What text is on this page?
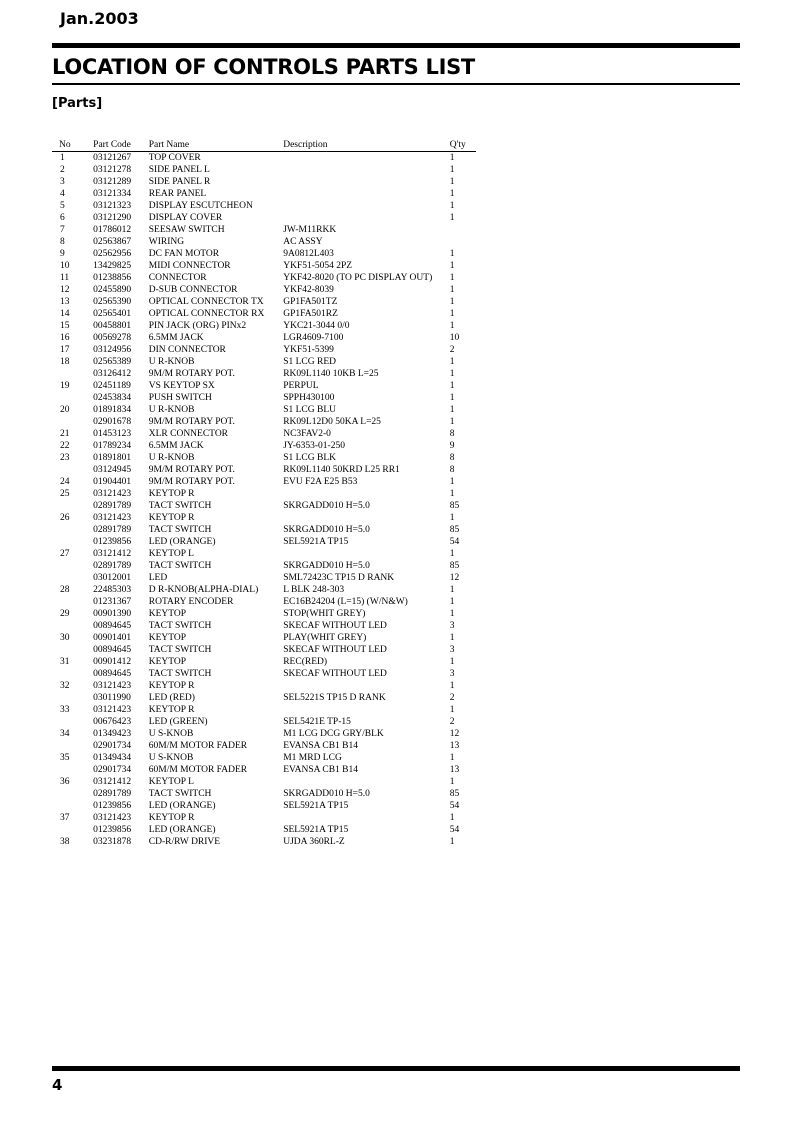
Jan.2003
LOCATION OF CONTROLS PARTS LIST
[Parts]
No	Part Code	Part Name	Description	Q'ty
1	03121267	TOP COVER		1
2	03121278	SIDE PANEL L		1
3	03121289	SIDE PANEL R		1
4	03121334	REAR PANEL		1
5	03121323	DISPLAY ESCUTCHEON		1
6	03121290	DISPLAY COVER		1
7	01786012	SEESAW SWITCH	JW-M11RKK	
8	02563867	WIRING	AC ASSY	
9	02562956	DC FAN MOTOR	9A0812L403	1
10	13429825	MIDI CONNECTOR	YKF51-5054 2PZ	1
11	01238856	CONNECTOR	YKF42-8020 (TO PC DISPLAY OUT)	1
12	02455890	D-SUB CONNECTOR	YKF42-8039	1
13	02565390	OPTICAL CONNECTOR TX	GP1FA501TZ	1
14	02565401	OPTICAL CONNECTOR RX	GP1FA501RZ	1
15	00458801	PIN JACK (ORG) PINx2	YKC21-3044 0/0	1
16	00569278	6.5MM JACK	LGR4609-7100	10
17	03124956	DIN CONNECTOR	YKF51-5399	2
18	02565389	U R-KNOB	S1 LCG RED	1
	03126412	9M/M ROTARY POT.	RK09L1140 10KB L=25	1
19	02451189	VS KEYTOP SX	PERPUL	1
	02453834	PUSH SWITCH	SPPH430100	1
20	01891834	U R-KNOB	S1 LCG BLU	1
	02901678	9M/M ROTARY POT.	RK09L12D0 50KA L=25	1
21	01453123	XLR CONNECTOR	NC3FAV2-0	8
22	01789234	6.5MM JACK	JY-6353-01-250	9
23	01891801	U R-KNOB	S1 LCG BLK	8
	03124945	9M/M ROTARY POT.	RK09L1140 50KRD L25 RR1	8
24	01904401	9M/M ROTARY POT.	EVU F2A E25 B53	1
25	03121423	KEYTOP R		1
	02891789	TACT SWITCH	SKRGADD010 H=5.0	85
26	03121423	KEYTOP R		1
	02891789	TACT SWITCH	SKRGADD010 H=5.0	85
	01239856	LED (ORANGE)	SEL5921A TP15	54
27	03121412	KEYTOP L		1
	02891789	TACT SWITCH	SKRGADD010 H=5.0	85
	03012001	LED	SML72423C TP15 D RANK	12
28	22485303	D R-KNOB(ALPHA-DIAL)	L BLK 248-303	1
	01231367	ROTARY ENCODER	EC16B24204 (L=15) (W/N&W)	1
29	00901390	KEYTOP	STOP(WHIT GREY)	1
	00894645	TACT SWITCH	SKECAF WITHOUT LED	3
30	00901401	KEYTOP	PLAY(WHIT GREY)	1
	00894645	TACT SWITCH	SKECAF WITHOUT LED	3
31	00901412	KEYTOP	REC(RED)	1
	00894645	TACT SWITCH	SKECAF WITHOUT LED	3
32	03121423	KEYTOP R		1
	03011990	LED (RED)	SEL5221S TP15 D RANK	2
33	03121423	KEYTOP R		1
	00676423	LED (GREEN)	SEL5421E TP-15	2
34	01349423	U S-KNOB	M1 LCG DCG GRY/BLK	12
	02901734	60M/M MOTOR FADER	EVANSA CB1 B14	13
35	01349434	U S-KNOB	M1 MRD LCG	1
	02901734	60M/M MOTOR FADER	EVANSA CB1 B14	13
36	03121412	KEYTOP L		1
	02891789	TACT SWITCH	SKRGADD010 H=5.0	85
	01239856	LED (ORANGE)	SEL5921A TP15	54
37	03121423	KEYTOP R		1
	01239856	LED (ORANGE)	SEL5921A TP15	54
38	03231878	CD-R/RW DRIVE	UJDA 360RL-Z	1
4
